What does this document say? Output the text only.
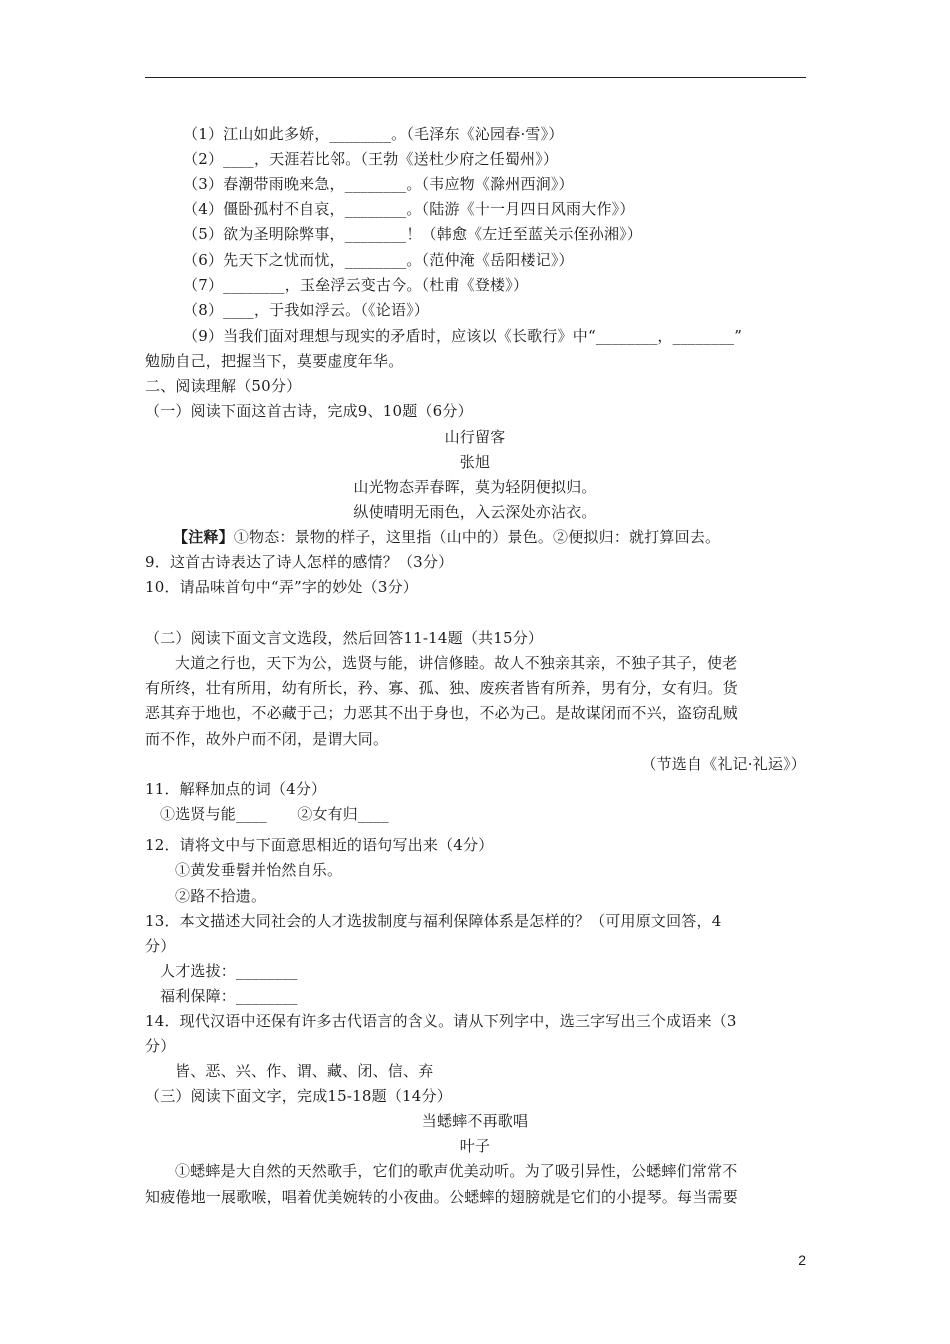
（1）江山如此多娇，________。（毛泽东《沁园春·雪》）
（2）____，天涯若比邻。（王勃《送杜少府之任蜀州》）
（3）春潮带雨晚来急，________。（韦应物《滁州西涧》）
（4）僵卧孤村不自哀，________。（陆游《十一月四日风雨大作》）
（5）欲为圣明除弊事，________！（韩愈《左迁至蓝关示侄孙湘》）
（6）先天下之忧而忧，________。（范仲淹《岳阳楼记》）
（7）________，玉垒浮云变古今。（杜甫《登楼》）
（8）____，于我如浮云。（《论语》）
（9）当我们面对理想与现实的矛盾时，应该以《长歌行》中“________，________”
勉励自己，把握当下，莫要虚度年华。
二、阅读理解（50分）
（一）阅读下面这首古诗，完成9、10题（6分）
山行留客
张旭
山光物态弄春晖，莫为轻阴便拟归。
纵使晴明无雨色，入云深处亦沾衣。
【注释】①物态：景物的样子，这里指（山中的）景色。②便拟归：就打算回去。
9．这首古诗表达了诗人怎样的感情？（3分）
10．请品味首句中“弄”字的妙处（3分）
（二）阅读下面文言文选段，然后回答11-14题（共15分）
大道之行也，天下为公，选贤与能，讲信修睦。故人不独亲其亲，不独子其子，使老
有所终，壮有所用，幼有所长，矜、寡、孤、独、废疾者皆有所养，男有分，女有归。货
恶其弃于地也，不必藏于己；力恶其不出于身也，不必为己。是故谋闭而不兴，盗窃乱贼
而不作，故外户而不闭，是谓大同。
（节选自《礼记·礼运》）
11．解释加点的词（4分）
①选贤与能____　　②女有归____
12．请将文中与下面意思相近的语句写出来（4分）
①黄发垂髫并怡然自乐。
②路不拾遗。
13．本文描述大同社会的人才选拔制度与福利保障体系是怎样的？（可用原文回答，4
分）
人才选拔：________
福利保障：________
14．现代汉语中还保有许多古代语言的含义。请从下列字中，选三字写出三个成语来（3
分）
皆、恶、兴、作、谓、藏、闭、信、弃
（三）阅读下面文字，完成15-18题（14分）
当蟋蟀不再歌唱
叶子
①蟋蟀是大自然的天然歌手，它们的歌声优美动听。为了吸引异性，公蟋蟀们常常不
知疲倦地一展歌喉，唱着优美婉转的小夜曲。公蟋蟀的翅膀就是它们的小提琴。每当需要
2
